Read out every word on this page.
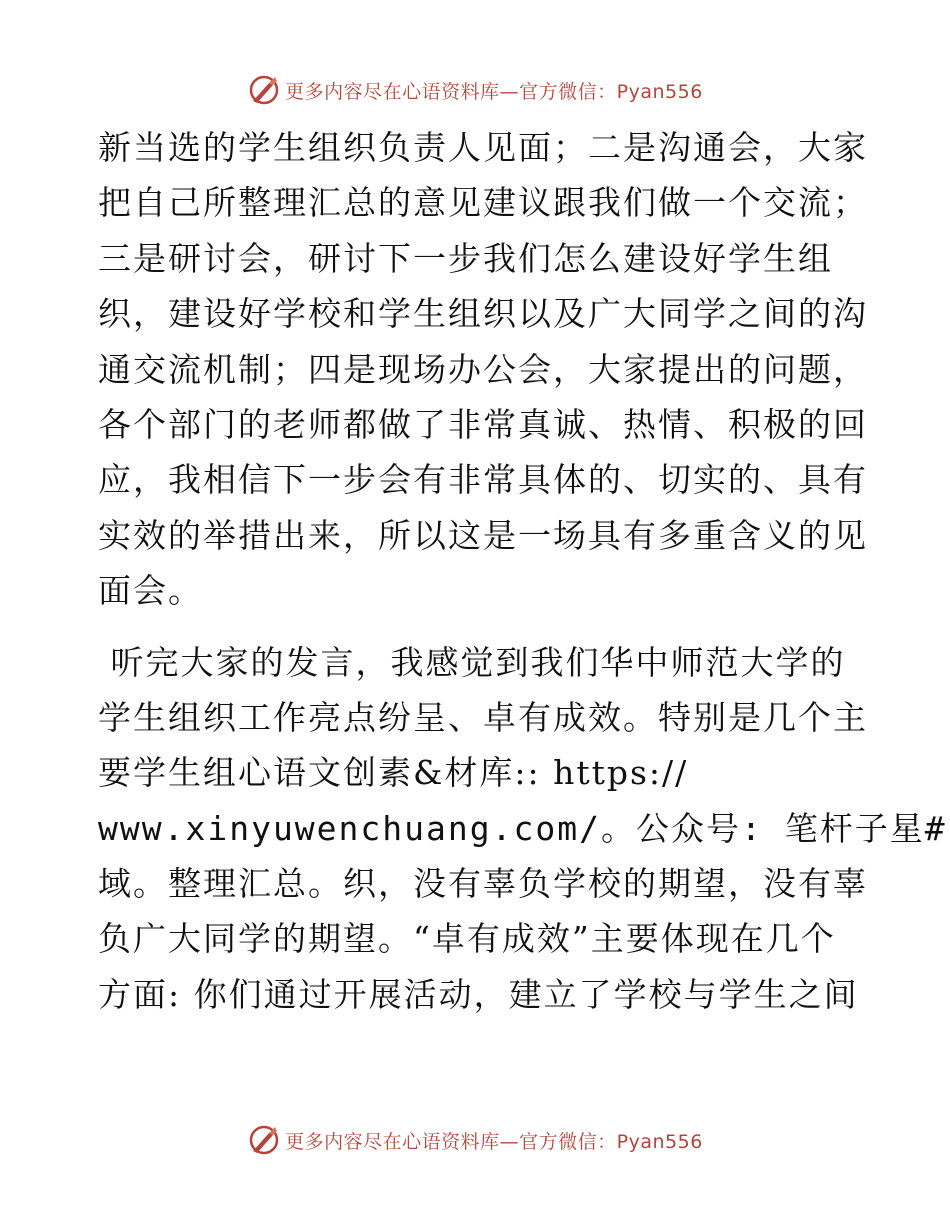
更多内容尽在心语资料库—官方微信：Pyan556

新当选的学生组织负责人见面；二是沟通会，大家
把自己所整理汇总的意见建议跟我们做一个交流；
三是研讨会，研讨下一步我们怎么建设好学生组
织，建设好学校和学生组织以及广大同学之间的沟
通交流机制；四是现场办公会，大家提出的问题，
各个部门的老师都做了非常真诚、热情、积极的回
应，我相信下一步会有非常具体的、切实的、具有
实效的举措出来，所以这是一场具有多重含义的见
面会。

听完大家的发言，我感觉到我们华中师范大学的
学生组织工作亮点纷呈、卓有成效。特别是几个主
要学生组心语文创素&材库:: https://
www.xinyuwenchuang.com/。公众号: 笔杆子星#
域。整理汇总。织，没有辜负学校的期望，没有辜
负广大同学的期望。“卓有成效”主要体现在几个
方面: 你们通过开展活动，建立了学校与学生之间

更多内容尽在心语资料库—官方微信：Pyan556
